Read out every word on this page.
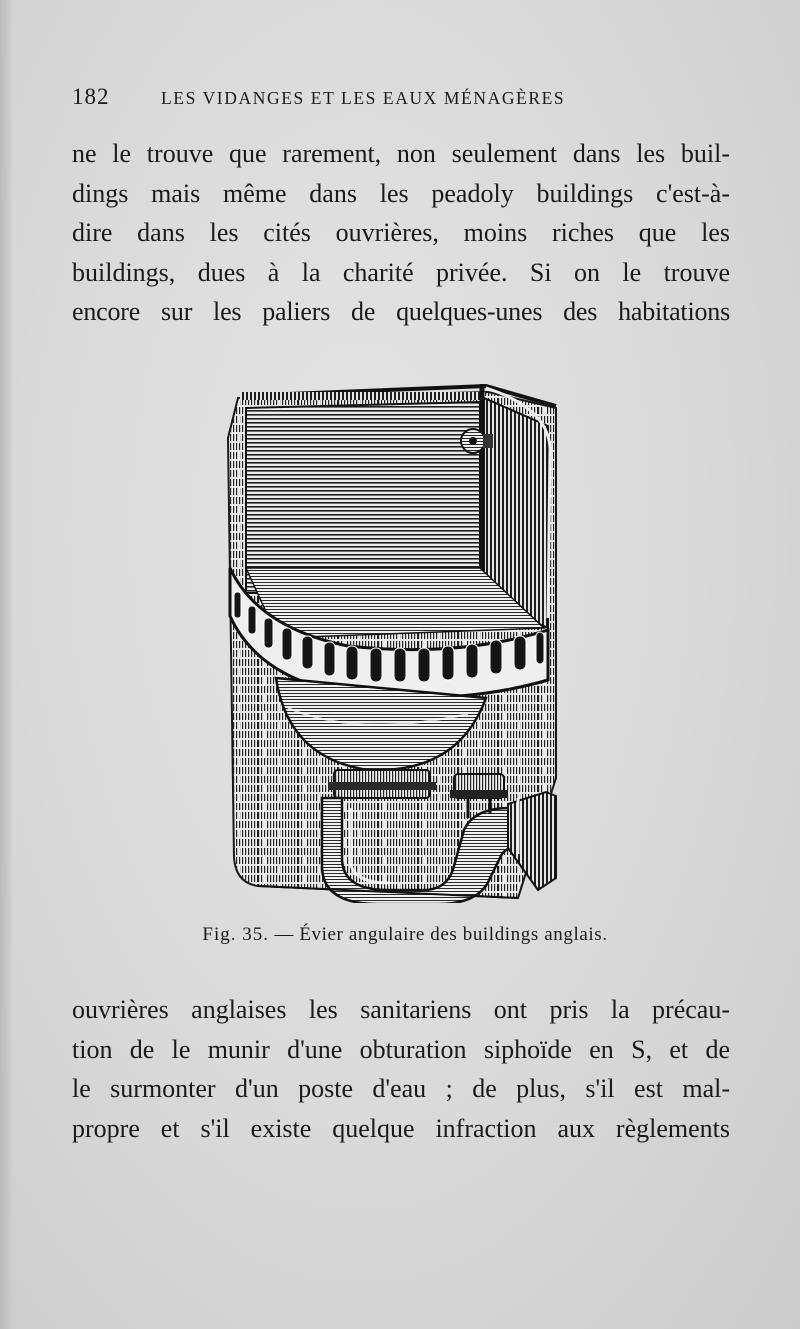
182	LES VIDANGES ET LES EAUX MÉNAGÈRES

ne le trouve que rarement, non seulement dans les buil-
dings mais même dans les peadoly buildings c'est-à-
dire dans les cités ouvrières, moins riches que les
buildings, dues à la charité privée. Si on le trouve
encore sur les paliers de quelques-unes des habitations

Fig. 35. — Évier angulaire des buildings anglais.

ouvrières anglaises les sanitariens ont pris la précau-
tion de le munir d'une obturation siphoïde en S, et de
le surmonter d'un poste d'eau ; de plus, s'il est mal-
propre et s'il existe quelque infraction aux règlements
